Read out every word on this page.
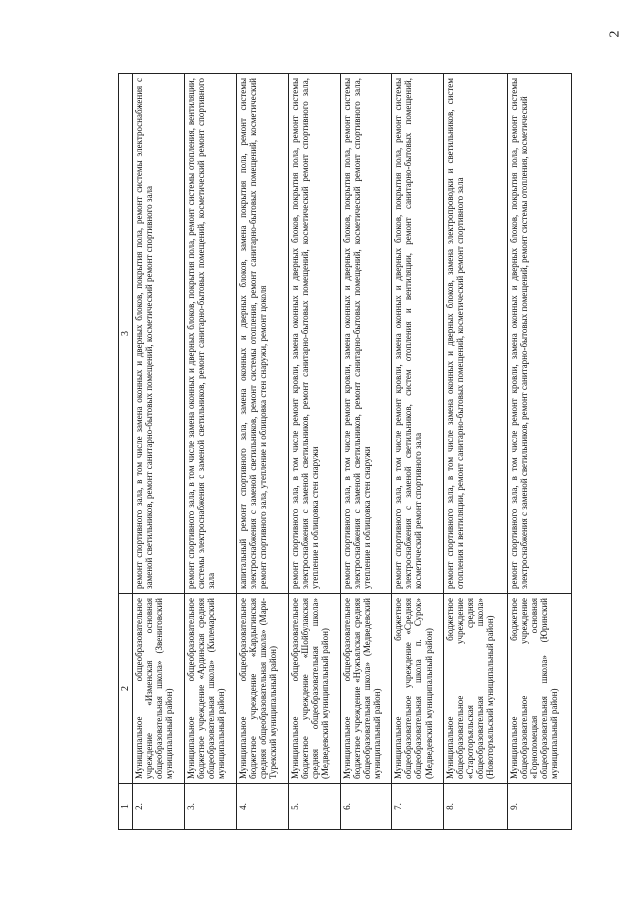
2
1	2	3
2.	Муниципальное общеобразовательное учреждение «Изменская основная общеобразовательная школа» (Звениговский муниципальный район)	ремонт спортивного зала, в том числе замена оконных и дверных блоков, покрытия пола, ремонт системы электроснабжения с заменой светильников, ремонт санитарно-бытовых помещений, косметический ремонт спортивного зала
3.	Муниципальное общеобразовательное бюджетное учреждение «Ардинская средняя общеобразовательная школа» (Килемарский муниципальный район)	ремонт спортивного зала, в том числе замена оконных и дверных блоков, покрытия пола, ремонт системы отопления, вентиляции, системы электроснабжения с заменой светильников, ремонт санитарно-бытовых помещений, косметический ремонт спортивного зала
4.	Муниципальное общеобразовательное бюджетное учреждение «Кардыгинская средняя общеобразовательная школа» (Мари-Турекский муниципальный район)	капитальный ремонт спортивного зала, замена оконных и дверных блоков, замена покрытия пола, ремонт системы электроснабжения с заменой светильников, ремонт системы отопления, ремонт санитарно-бытовых помещений, косметический ремонт спортивного зала, утепление и облицовка стен снаружи, ремонт цоколя
5.	Муниципальное общеобразовательное бюджетное учреждение «Шойбулакская средняя общеобразовательная школа» (Медведевский муниципальный район)	ремонт спортивного зала, в том числе ремонт кровли, замена оконных и дверных блоков, покрытия пола, ремонт системы электроснабжения с заменой светильников, ремонт санитарно-бытовых помещений, косметический ремонт спортивного зала, утепление и облицовка стен снаружи
6.	Муниципальное общеобразовательное бюджетное учреждение «Нужъялская средняя общеобразовательная школа» (Медведевский муниципальный район)	ремонт спортивного зала, в том числе ремонт кровли, замена оконных и дверных блоков, покрытия пола, ремонт системы электроснабжения с заменой светильников, ремонт санитарно-бытовых помещений, косметический ремонт спортивного зала, утепление и облицовка стен снаружи
7.	Муниципальное бюджетное общеобразовательное учреждение «Средняя общеобразовательная школа п. Сурок» (Медведевский муниципальный район)	ремонт спортивного зала, в том числе ремонт кровли, замена оконных и дверных блоков, покрытия пола, ремонт системы электроснабжения с заменой светильников, систем отопления и вентиляции, ремонт санитарно-бытовых помещений, косметический ремонт спортивного зала
8.	Муниципальное бюджетное общеобразовательное учреждение «Староторъяльская средняя общеобразовательная школа» (Новоторъяльский муниципальный район)	ремонт спортивного зала, в том числе замена оконных и дверных блоков, замена электропроводки и светильников, систем отопления и вентиляции, ремонт санитарно-бытовых помещений, косметический ремонт спортивного зала
9.	Муниципальное бюджетное общеобразовательное учреждение «Горнопомецкая основная общеобразовательная школа» (Юринский муниципальный район)	ремонт спортивного зала, в том числе ремонт кровли, замена оконных и дверных блоков, покрытия пола, ремонт системы электроснабжения с заменой светильников, ремонт санитарно-бытовых помещений, ремонт системы отопления, косметический
